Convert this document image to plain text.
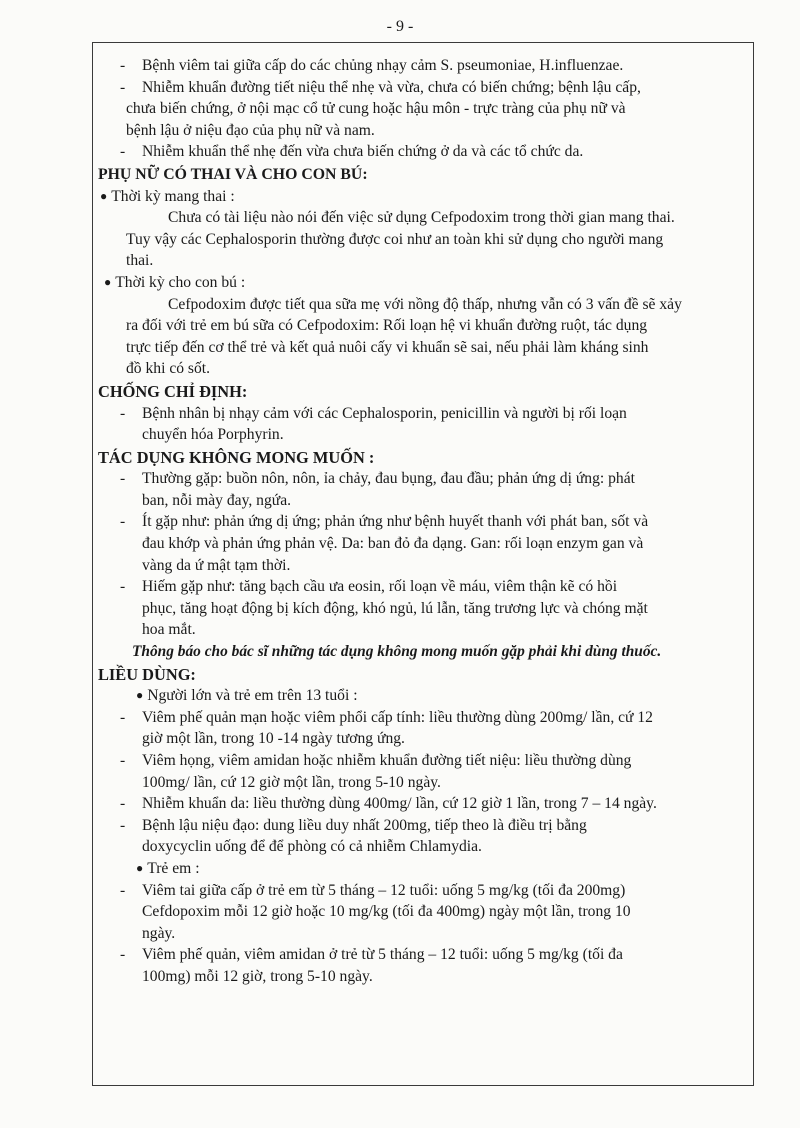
- 9 -
-	Bệnh viêm tai giữa cấp do các chủng nhạy cảm S. pseumoniae, H.influenzae.
-	Nhiễm khuẩn đường tiết niệu thể nhẹ và vừa, chưa có biến chứng; bệnh lậu cấp,
chưa biến chứng, ở nội mạc cổ tử cung hoặc hậu môn - trực tràng của phụ nữ và
bệnh lậu ở niệu đạo của phụ nữ và nam.
-	Nhiễm khuẩn thể nhẹ đến vừa chưa biến chứng ở da và các tổ chức da.
PHỤ NỮ CÓ THAI VÀ CHO CON BÚ:
● Thời kỳ mang thai :
Chưa có tài liệu nào nói đến việc sử dụng Cefpodoxim trong thời gian mang thai.
Tuy vậy các Cephalosporin thường được coi như an toàn khi sử dụng cho người mang
thai.
● Thời kỳ cho con bú :
Cefpodoxim được tiết qua sữa mẹ với nồng độ thấp, nhưng vẫn có 3 vấn đề sẽ xảy
ra đối với trẻ em bú sữa có Cefpodoxim: Rối loạn hệ vi khuẩn đường ruột, tác dụng
trực tiếp đến cơ thể trẻ và kết quả nuôi cấy vi khuẩn sẽ sai, nếu phải làm kháng sinh
đồ khi có sốt.
CHỐNG CHỈ ĐỊNH:
-	Bệnh nhân bị nhạy cảm với các Cephalosporin, penicillin và người bị rối loạn
chuyển hóa Porphyrin.
TÁC DỤNG KHÔNG MONG MUỐN :
-	Thường gặp: buồn nôn, nôn, ỉa chảy, đau bụng, đau đầu; phản ứng dị ứng: phát
ban, nỗi mày đay, ngứa.
-	Ít gặp như: phản ứng dị ứng; phản ứng như bệnh huyết thanh với phát ban, sốt và
đau khớp và phản ứng phản vệ. Da: ban đỏ đa dạng. Gan: rối loạn enzym gan và
vàng da ứ mật tạm thời.
-	Hiếm gặp như: tăng bạch cầu ưa eosin, rối loạn về máu, viêm thận kẽ có hồi
phục, tăng hoạt động bị kích động, khó ngủ, lú lẫn, tăng trương lực và chóng mặt
hoa mắt.
Thông báo cho bác sĩ những tác dụng không mong muốn gặp phải khi dùng thuốc.
LIỀU DÙNG:
● Người lớn và trẻ em trên 13 tuổi :
-	Viêm phế quản mạn hoặc viêm phổi cấp tính: liều thường dùng 200mg/ lần, cứ 12
giờ một lần, trong 10 -14 ngày tương ứng.
-	Viêm họng, viêm amidan hoặc nhiễm khuẩn đường tiết niệu: liều thường dùng
100mg/ lần, cứ 12 giờ một lần, trong 5-10 ngày.
-	Nhiễm khuẩn da: liều thường dùng 400mg/ lần, cứ 12 giờ 1 lần, trong 7 – 14 ngày.
-	Bệnh lậu niệu đạo: dung liều duy nhất 200mg, tiếp theo là điều trị bằng
doxycyclin uống để để phòng có cả nhiễm Chlamydia.
● Trẻ em :
-	Viêm tai giữa cấp ở trẻ em từ 5 tháng – 12 tuổi: uống 5 mg/kg (tối đa 200mg)
Cefdopoxim mỗi 12 giờ hoặc 10 mg/kg (tối đa 400mg) ngày một lần, trong 10
ngày.
-	Viêm phế quản, viêm amidan ở trẻ từ 5 tháng – 12 tuổi: uống 5 mg/kg (tối đa
100mg) mỗi 12 giờ, trong 5-10 ngày.
